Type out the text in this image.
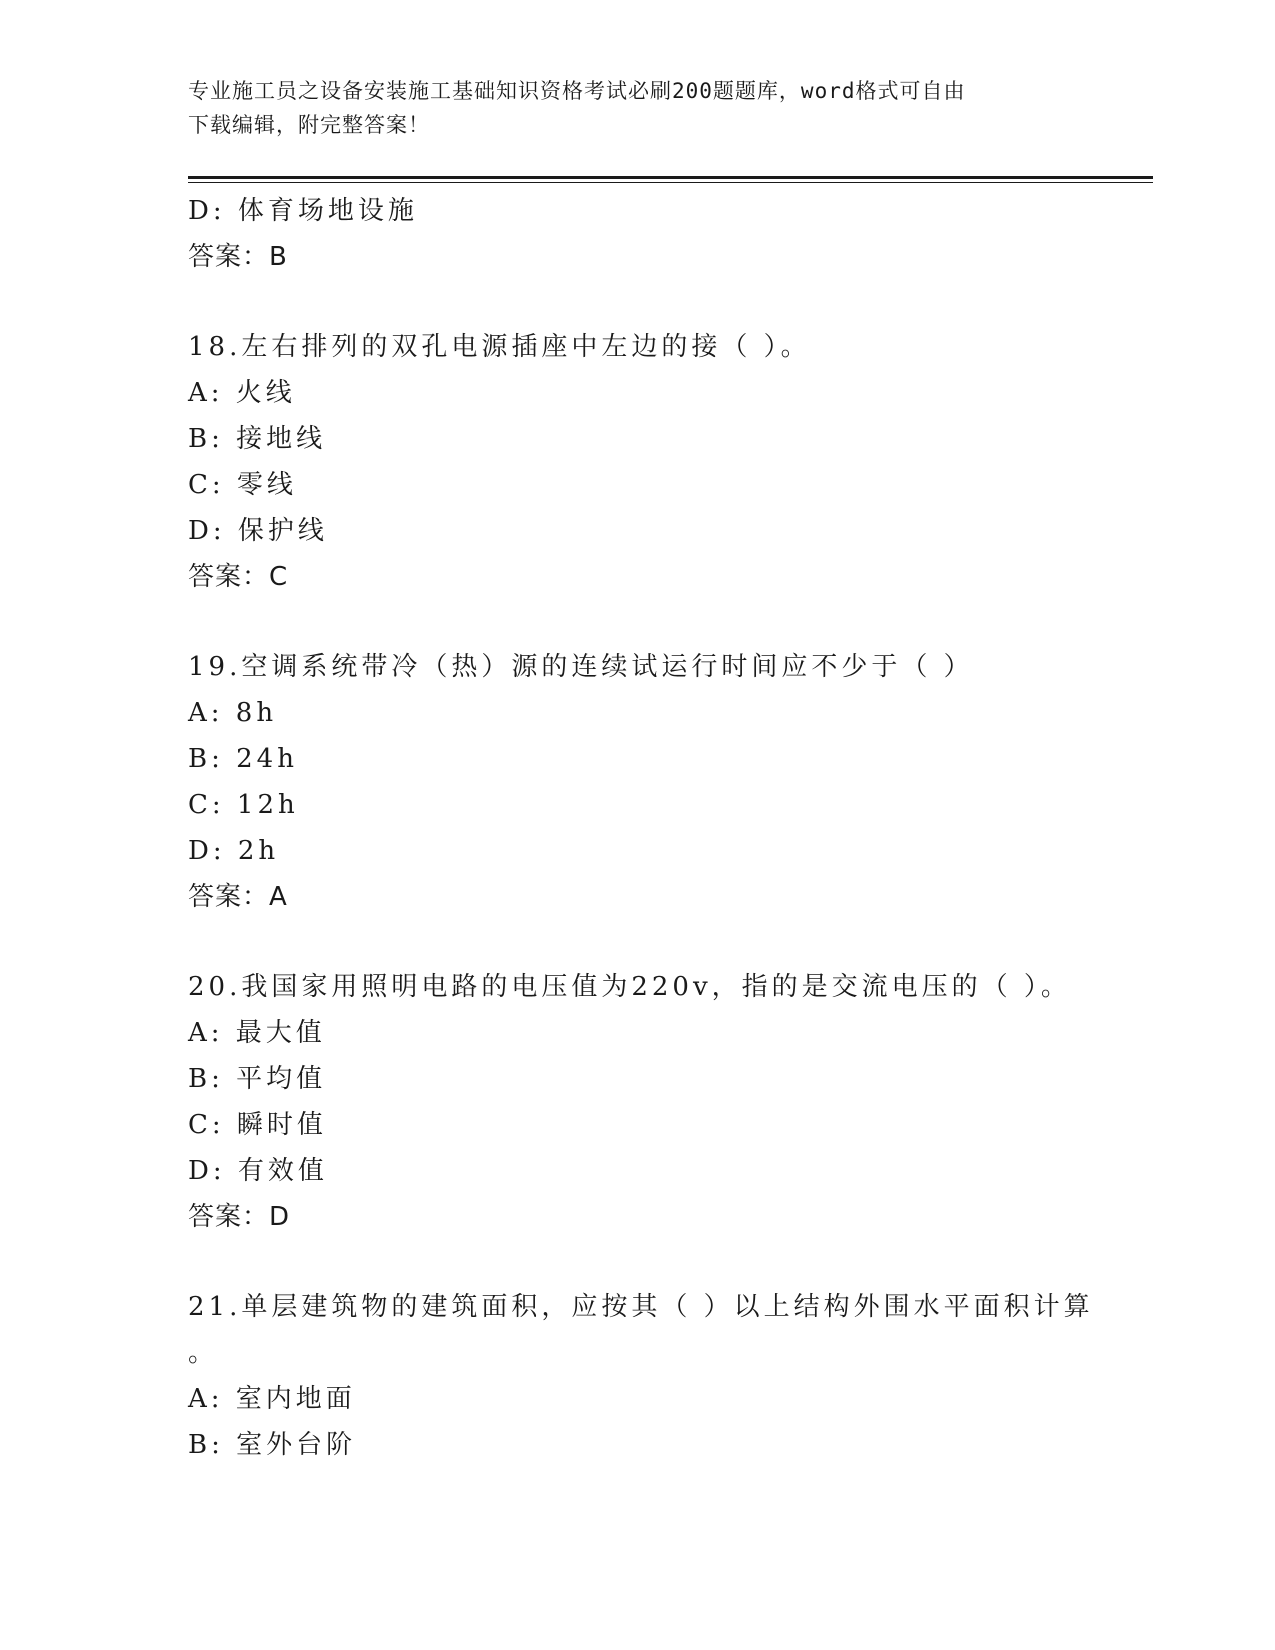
专业施工员之设备安装施工基础知识资格考试必刷200题题库，word格式可自由
下载编辑，附完整答案！
D: 体育场地设施
答案：B
18.左右排列的双孔电源插座中左边的接（ ）。
A: 火线
B: 接地线
C: 零线
D: 保护线
答案：C
19.空调系统带冷（热）源的连续试运行时间应不少于（ ）
A: 8h
B: 24h
C: 12h
D: 2h
答案：A
20.我国家用照明电路的电压值为220v，指的是交流电压的（ ）。
A: 最大值
B: 平均值
C: 瞬时值
D: 有效值
答案：D
21.单层建筑物的建筑面积，应按其（ ）以上结构外围水平面积计算
。
A: 室内地面
B: 室外台阶
